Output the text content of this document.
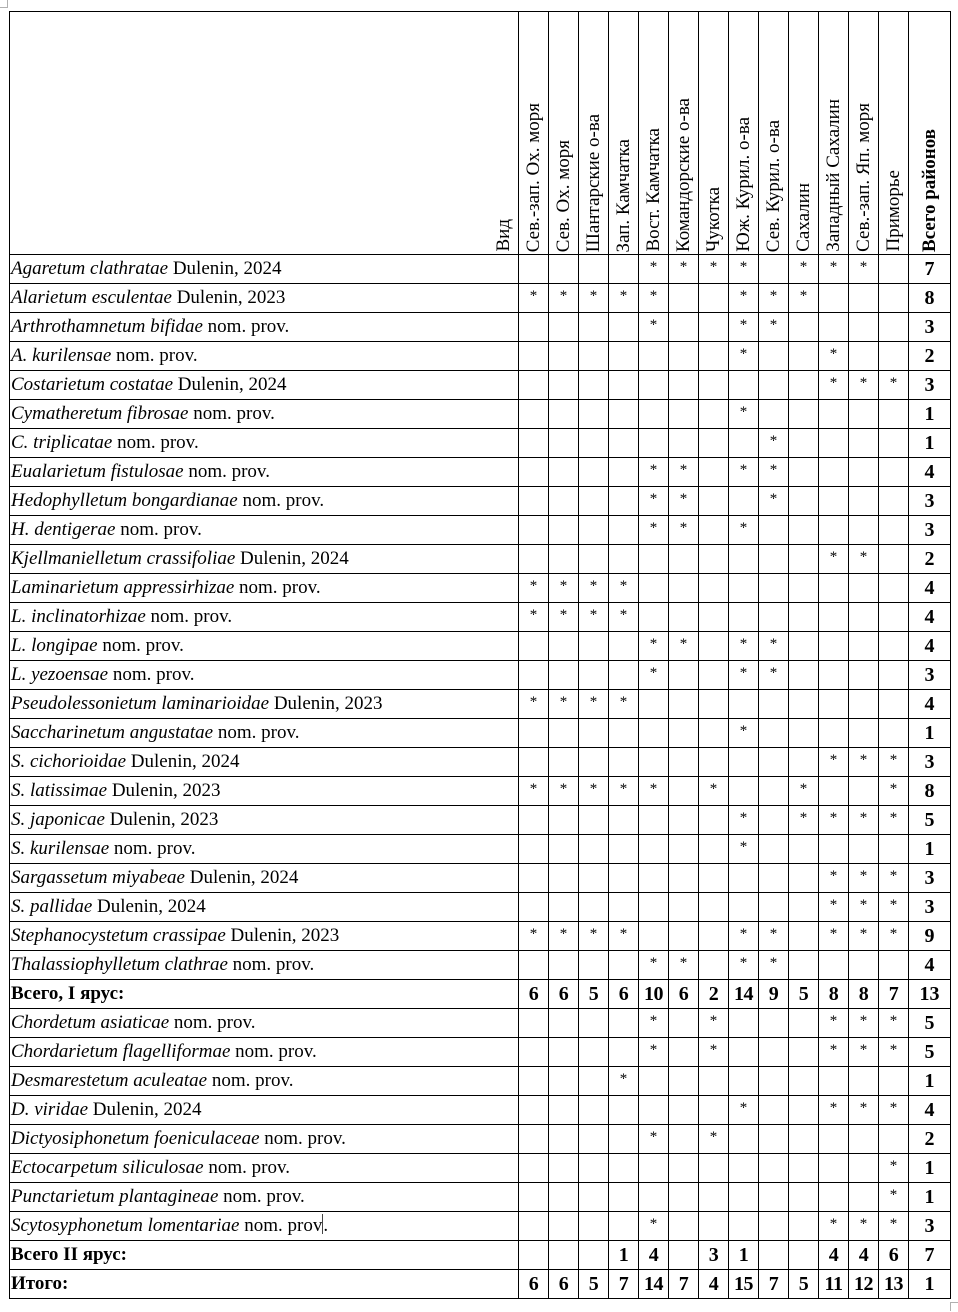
Вид	Сев.-зап. Ох. моря	Сев. Ох. моря	Шантарские о-ва	Зап. Камчатка	Вост. Камчатка	Командорские о-ва	Чукотка	Юж. Курил. о-ва	Сев. Курил. о-ва	Сахалин	Западный Сахалин	Сев.-зап. Яп. моря	Приморье	Всего районов

Agaretum clathratae Dulenin, 2024					*	*	*	*		*	*	*		7
Alarietum esculentae Dulenin, 2023	*	*	*	*	*			*	*	*				8
Arthrothamnetum bifidae nom. prov.					*			*	*					3
A. kurilensae nom. prov.								*			*			2
Costarietum costatae Dulenin, 2024											*	*	*	3
Cymatheretum fibrosae nom. prov.								*						1
C. triplicatae nom. prov.									*					1
Eualarietum fistulosae nom. prov.					*	*		*	*					4
Hedophylletum bongardianae nom. prov.					*	*			*					3
H. dentigerae nom. prov.					*	*		*						3
Kjellmanielletum crassifoliae Dulenin, 2024											*	*		2
Laminarietum appressirhizae nom. prov.	*	*	*	*										4
L. inclinatorhizae nom. prov.	*	*	*	*										4
L. longipae nom. prov.					*	*		*	*					4
L. yezoensae nom. prov.					*			*	*					3
Pseudolessonietum laminarioidae Dulenin, 2023	*	*	*	*										4
Saccharinetum angustatae nom. prov.								*						1
S. cichorioidae Dulenin, 2024											*	*	*	3
S. latissimae Dulenin, 2023	*	*	*	*	*		*			*			*	8
S. japonicae Dulenin, 2023								*		*	*	*	*	5
S. kurilensae nom. prov.								*						1
Sargassetum miyabeae Dulenin, 2024											*	*	*	3
S. pallidae Dulenin, 2024											*	*	*	3
Stephanocystetum crassipae Dulenin, 2023	*	*	*	*				*	*		*	*	*	9
Thalassiophylletum clathrae nom. prov.					*	*		*	*					4
Всего, I ярус:	6	6	5	6	10	6	2	14	9	5	8	8	7	13
Chordetum asiaticae nom. prov.					*		*				*	*	*	5
Chordarietum flagelliformae nom. prov.					*		*				*	*	*	5
Desmarestetum aculeatae nom. prov.				*										1
D. viridae Dulenin, 2024								*			*	*	*	4
Dictyosiphonetum foeniculaceae nom. prov.					*		*							2
Ectocarpetum siliculosae nom. prov.													*	1
Punctarietum plantagineae nom. prov.													*	1
Scytosyphonetum lomentariae nom. prov.					*						*	*	*	3
Всего II ярус:				1	4		3	1			4	4	6	7
Итого:	6	6	5	7	14	7	4	15	7	5	11	12	13	1
